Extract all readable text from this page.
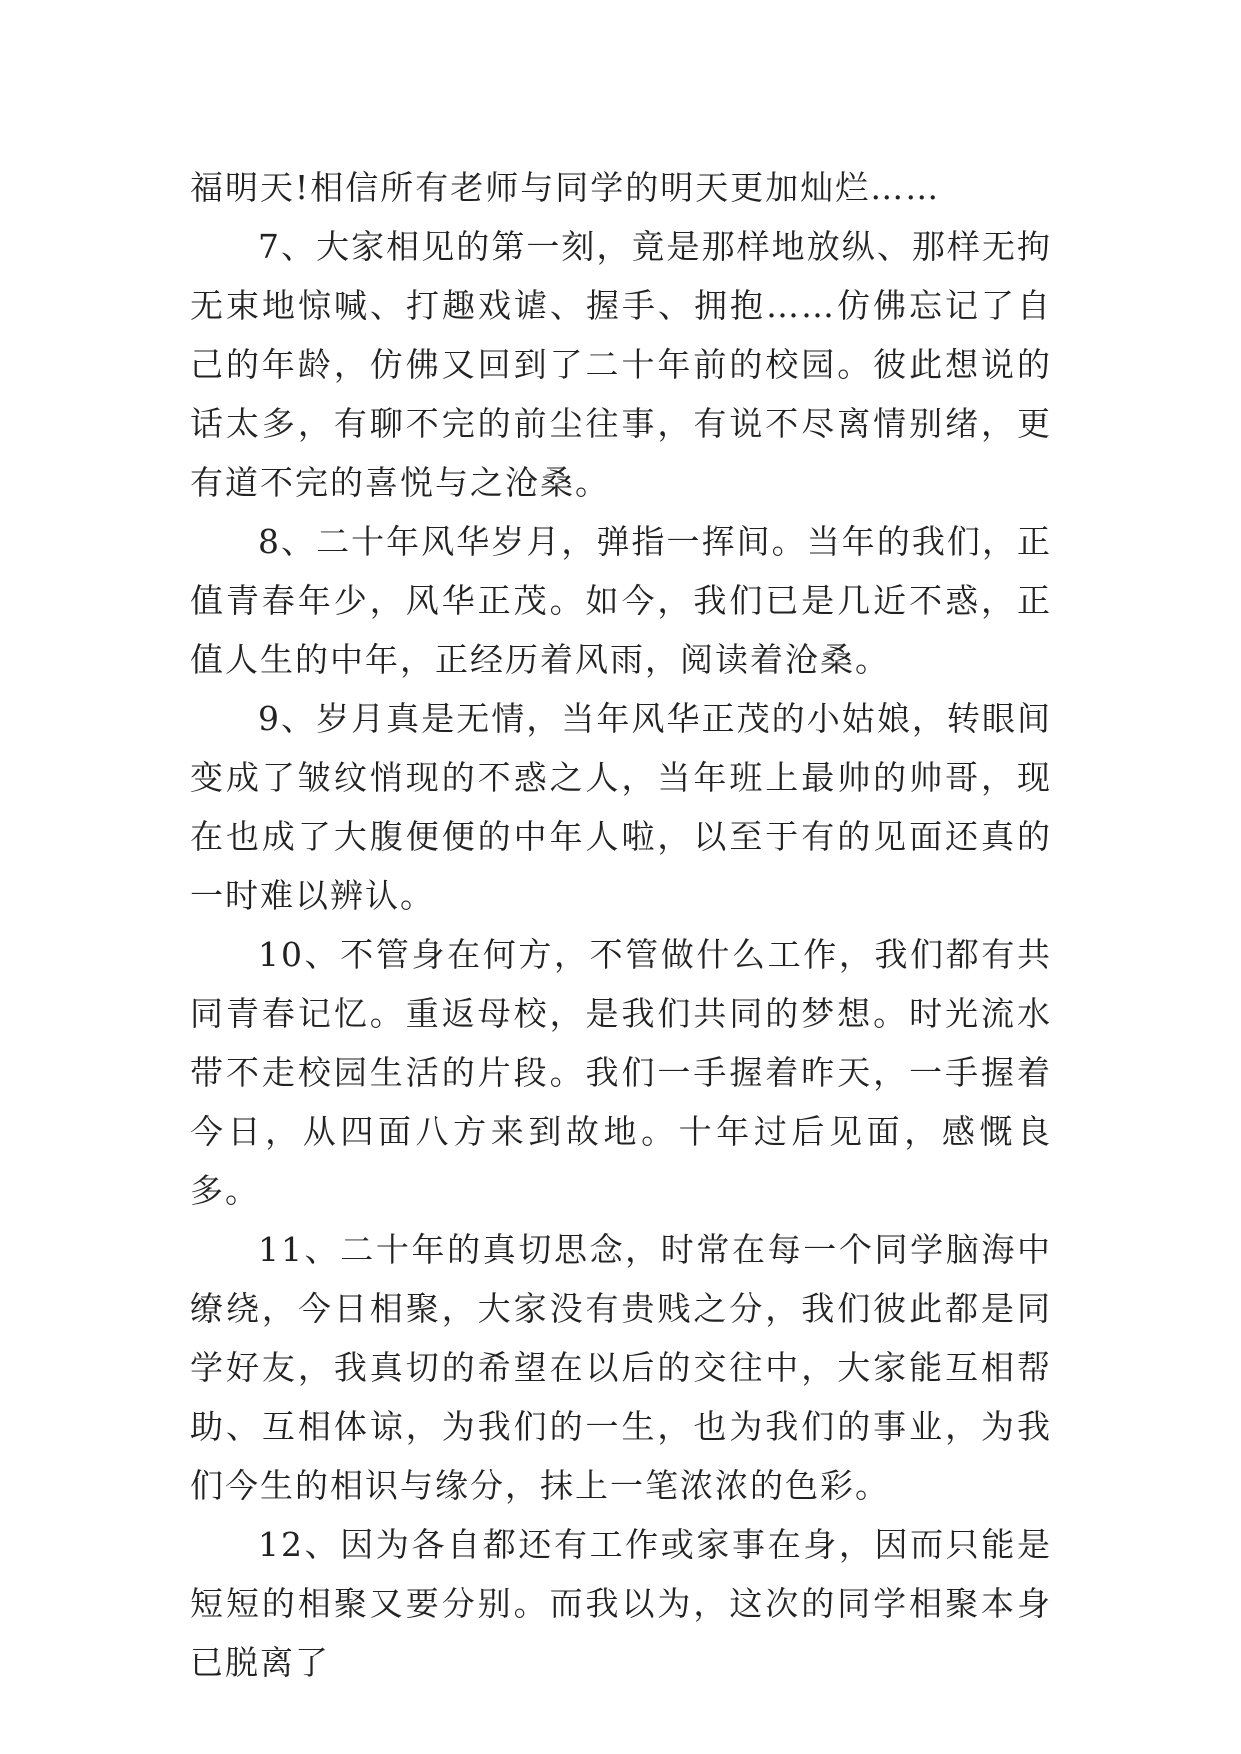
福明天!相信所有老师与同学的明天更加灿烂……

7、大家相见的第一刻，竟是那样地放纵、那样无拘无束地惊喊、打趣戏谑、握手、拥抱……仿佛忘记了自己的年龄，仿佛又回到了二十年前的校园。彼此想说的话太多，有聊不完的前尘往事，有说不尽离情别绪，更有道不完的喜悦与之沧桑。

8、二十年风华岁月，弹指一挥间。当年的我们，正值青春年少，风华正茂。如今，我们已是几近不惑，正值人生的中年，正经历着风雨，阅读着沧桑。

9、岁月真是无情，当年风华正茂的小姑娘，转眼间变成了皱纹悄现的不惑之人，当年班上最帅的帅哥，现在也成了大腹便便的中年人啦，以至于有的见面还真的一时难以辨认。

10、不管身在何方，不管做什么工作，我们都有共同青春记忆。重返母校，是我们共同的梦想。时光流水带不走校园生活的片段。我们一手握着昨天，一手握着今日，从四面八方来到故地。十年过后见面，感慨良多。

11、二十年的真切思念，时常在每一个同学脑海中缭绕，今日相聚，大家没有贵贱之分，我们彼此都是同学好友，我真切的希望在以后的交往中，大家能互相帮助、互相体谅，为我们的一生，也为我们的事业，为我们今生的相识与缘分，抹上一笔浓浓的色彩。

12、因为各自都还有工作或家事在身，因而只能是短短的相聚又要分别。而我以为，这次的同学相聚本身已脱离了
